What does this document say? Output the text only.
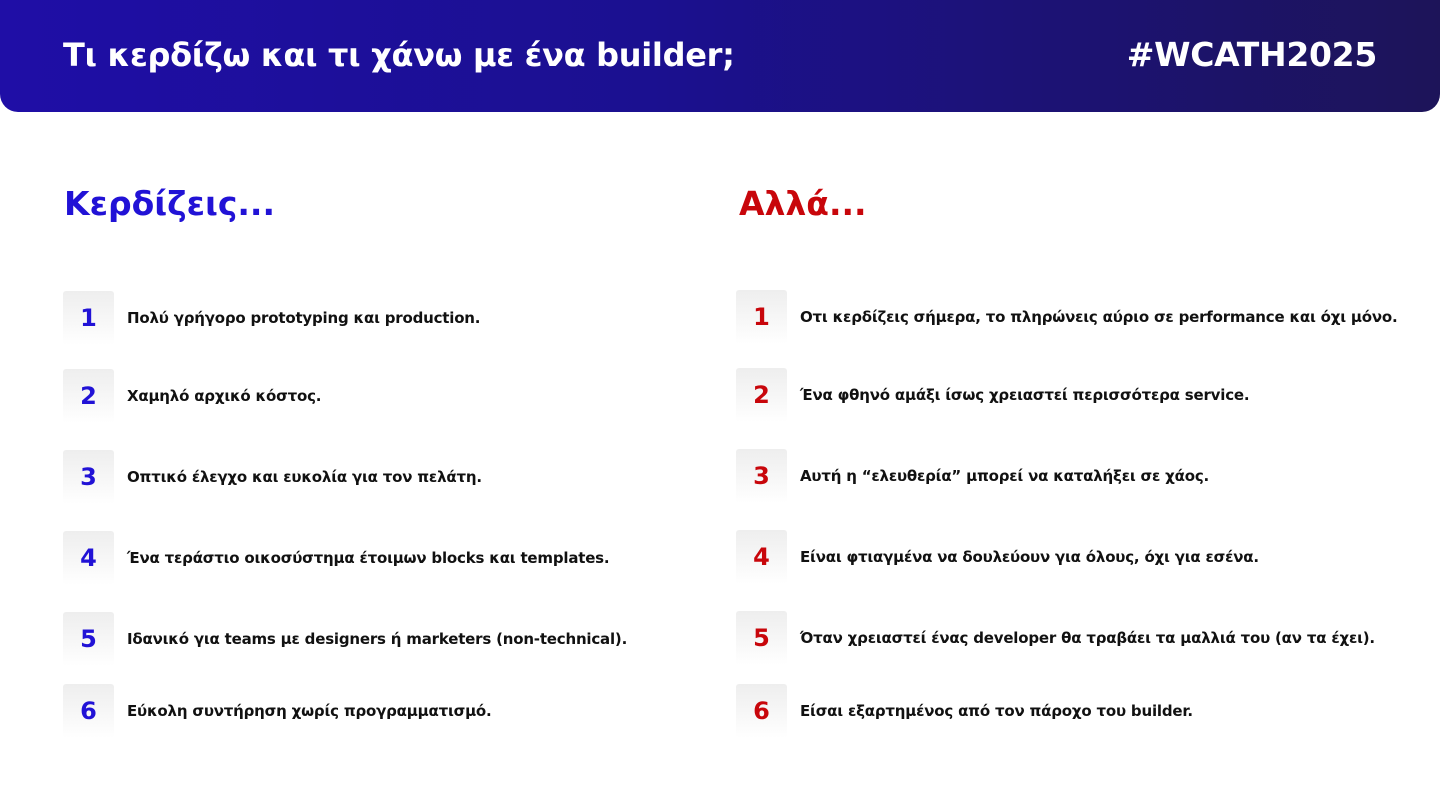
Τι κερδίζω και τι χάνω με ένα builder;	#WCATH2025
Κερδίζεις...	Αλλά...
1	Πολύ γρήγορο prototyping και production.
2	Χαμηλό αρχικό κόστος.
3	Οπτικό έλεγχο και ευκολία για τον πελάτη.
4	Ένα τεράστιο οικοσύστημα έτοιμων blocks και templates.
5	Ιδανικό για teams με designers ή marketers (non-technical).
6	Εύκολη συντήρηση χωρίς προγραμματισμό.
1	Οτι κερδίζεις σήμερα, το πληρώνεις αύριο σε performance και όχι μόνο.
2	Ένα φθηνό αμάξι ίσως χρειαστεί περισσότερα service.
3	Αυτή η “ελευθερία” μπορεί να καταλήξει σε χάος.
4	Είναι φτιαγμένα να δουλεύουν για όλους, όχι για εσένα.
5	Όταν χρειαστεί ένας developer θα τραβάει τα μαλλιά του (αν τα έχει).
6	Είσαι εξαρτημένος από τον πάροχο του builder.
